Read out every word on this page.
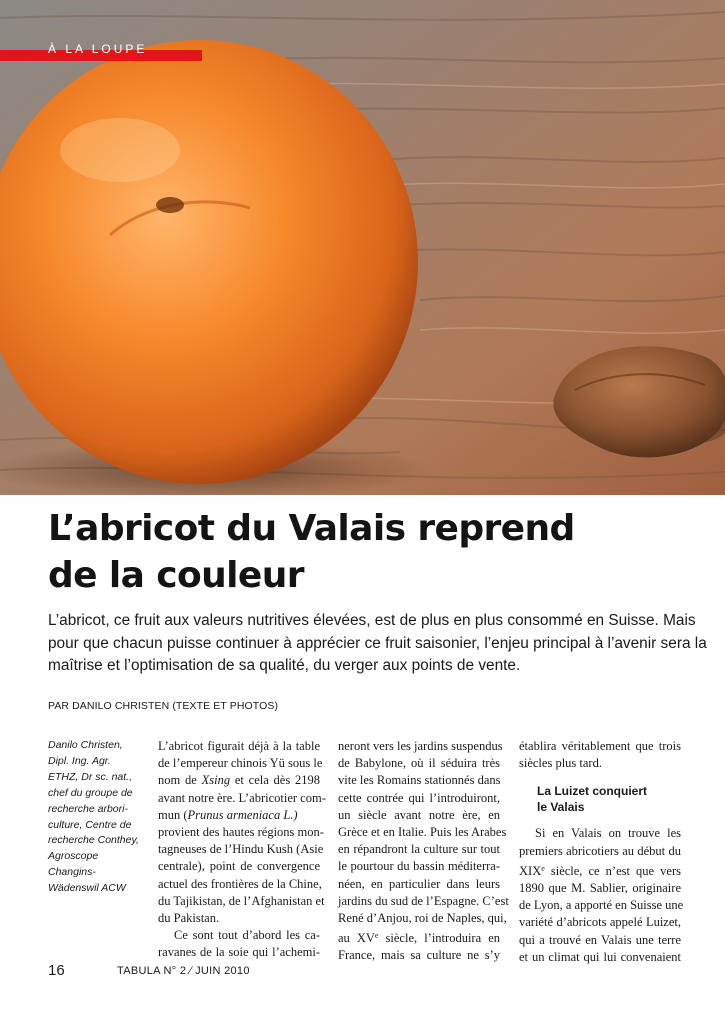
À LA LOUPE
L’abricot du Valais reprend
de la couleur

L’abricot, ce fruit aux valeurs nutritives élevées, est de plus en plus consommé en Suisse. Mais
pour que chacun puisse continuer à apprécier ce fruit saisonier, l’enjeu principal à l’avenir sera la
maîtrise et l’optimisation de sa qualité, du verger aux points de vente.

PAR DANILO CHRISTEN (TEXTE ET PHOTOS)
Danilo Christen,
Dipl. Ing. Agr.
ETHZ, Dr sc. nat.,
chef du groupe de
recherche arbori-
culture, Centre de
recherche Conthey,
Agroscope
Changins-
Wädenswil ACW
L’abricot figurait déjà à la table
de l’empereur chinois Yü sous le
nom de Xsing et cela dès 2198
avant notre ère. L’abricotier com-
mun (Prunus armeniaca L.)
provient des hautes régions mon-
tagneuses de l’Hindu Kush (Asie
centrale), point de convergence
actuel des frontières de la Chine,
du Tajikistan, de l’Afghanistan et
du Pakistan.
Ce sont tout d’abord les ca-
ravanes de la soie qui l’achemi-
neront vers les jardins suspendus
de Babylone, où il séduira très
vite les Romains stationnés dans
cette contrée qui l’introduiront,
un siècle avant notre ère, en
Grèce et en Italie. Puis les Arabes
en répandront la culture sur tout
le pourtour du bassin méditerra-
néen, en particulier dans leurs
jardins du sud de l’Espagne. C’est
René d’Anjou, roi de Naples, qui,
au XVe siècle, l’introduira en
France, mais sa culture ne s’y
établira véritablement que trois
siècles plus tard.
La Luizet conquiert
le Valais
Si en Valais on trouve les
premiers abricotiers au début du
XIXe siècle, ce n’est que vers
1890 que M. Sablier, originaire
de Lyon, a apporté en Suisse une
variété d’abricots appelé Luizet,
qui a trouvé en Valais une terre
et un climat qui lui convenaient
16	TABULA N° 2 ⁄ JUIN 2010
